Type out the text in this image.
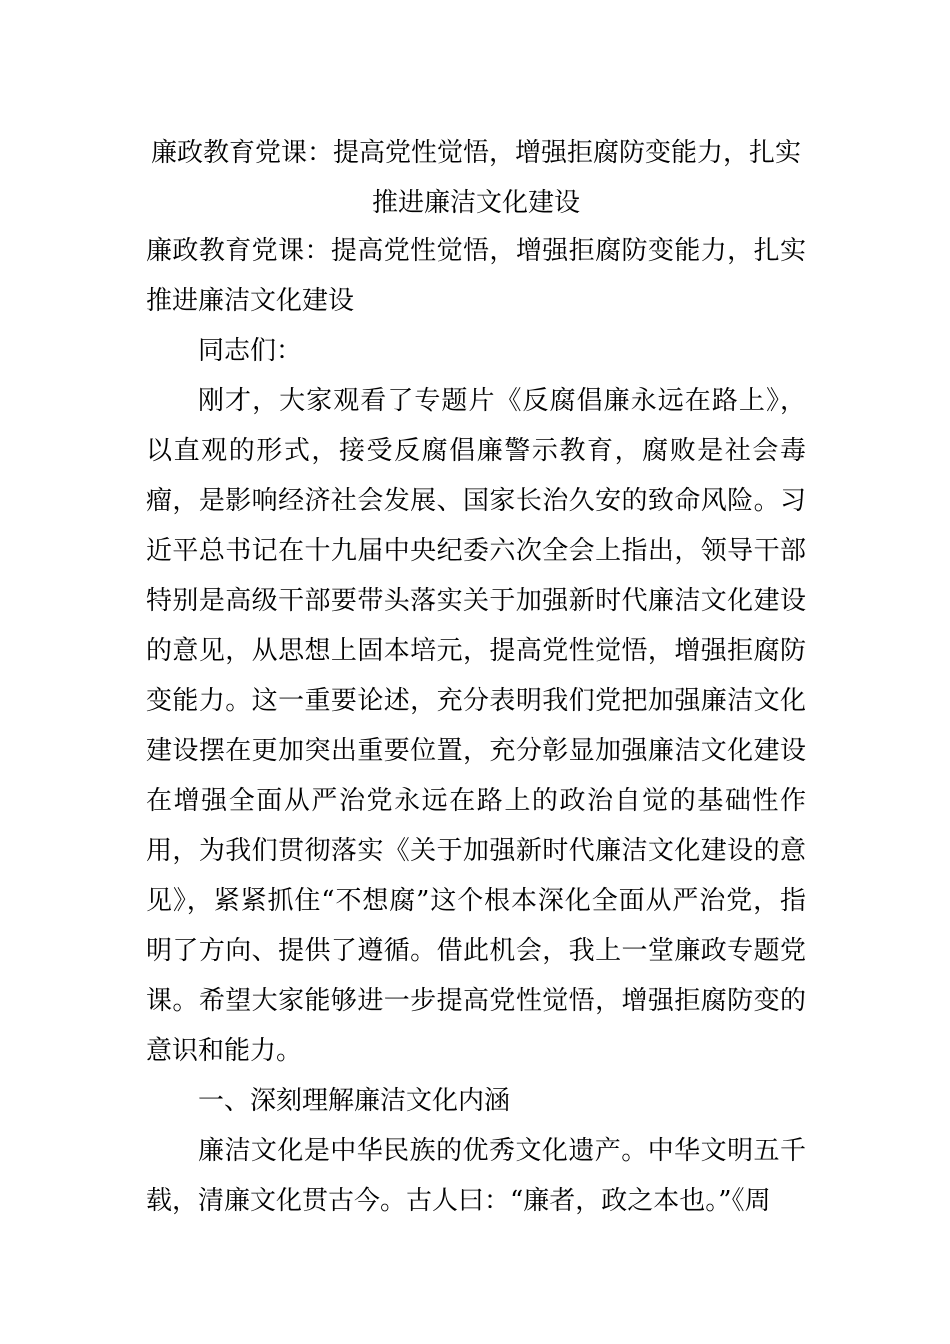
廉政教育党课：提高党性觉悟，增强拒腐防变能力，扎实推进廉洁文化建设

廉政教育党课：提高党性觉悟，增强拒腐防变能力，扎实推进廉洁文化建设

同志们：

刚才，大家观看了专题片《反腐倡廉永远在路上》，以直观的形式，接受反腐倡廉警示教育，腐败是社会毒瘤，是影响经济社会发展、国家长治久安的致命风险。习近平总书记在十九届中央纪委六次全会上指出，领导干部特别是高级干部要带头落实关于加强新时代廉洁文化建设的意见，从思想上固本培元，提高党性觉悟，增强拒腐防变能力。这一重要论述，充分表明我们党把加强廉洁文化建设摆在更加突出重要位置，充分彰显加强廉洁文化建设在增强全面从严治党永远在路上的政治自觉的基础性作用，为我们贯彻落实《关于加强新时代廉洁文化建设的意见》，紧紧抓住“不想腐”这个根本深化全面从严治党，指明了方向、提供了遵循。借此机会，我上一堂廉政专题党课。希望大家能够进一步提高党性觉悟，增强拒腐防变的意识和能力。

一、深刻理解廉洁文化内涵

廉洁文化是中华民族的优秀文化遗产。中华文明五千载，清廉文化贯古今。古人曰：“廉者，政之本也。”《周
